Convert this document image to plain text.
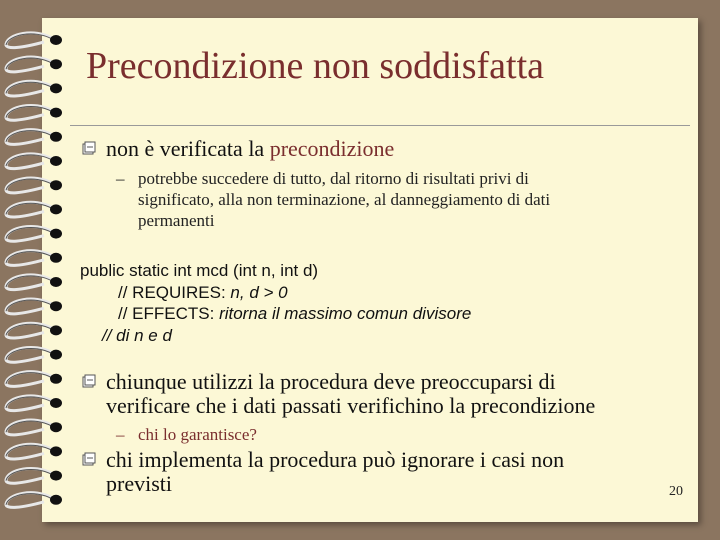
Precondizione non soddisfatta
non è verificata la precondizione
– potrebbe succedere di tutto, dal ritorno di risultati privi di
significato, alla non terminazione, al danneggiamento di dati
permanenti
public static int mcd (int n, int d)
// REQUIRES: n, d > 0
// EFFECTS: ritorna il massimo comun divisore
// di n e d
chiunque utilizzi la procedura deve preoccuparsi di
verificare che i dati passati verifichino la precondizione
– chi lo garantisce?
chi implementa la procedura può ignorare i casi non
previsti	20
